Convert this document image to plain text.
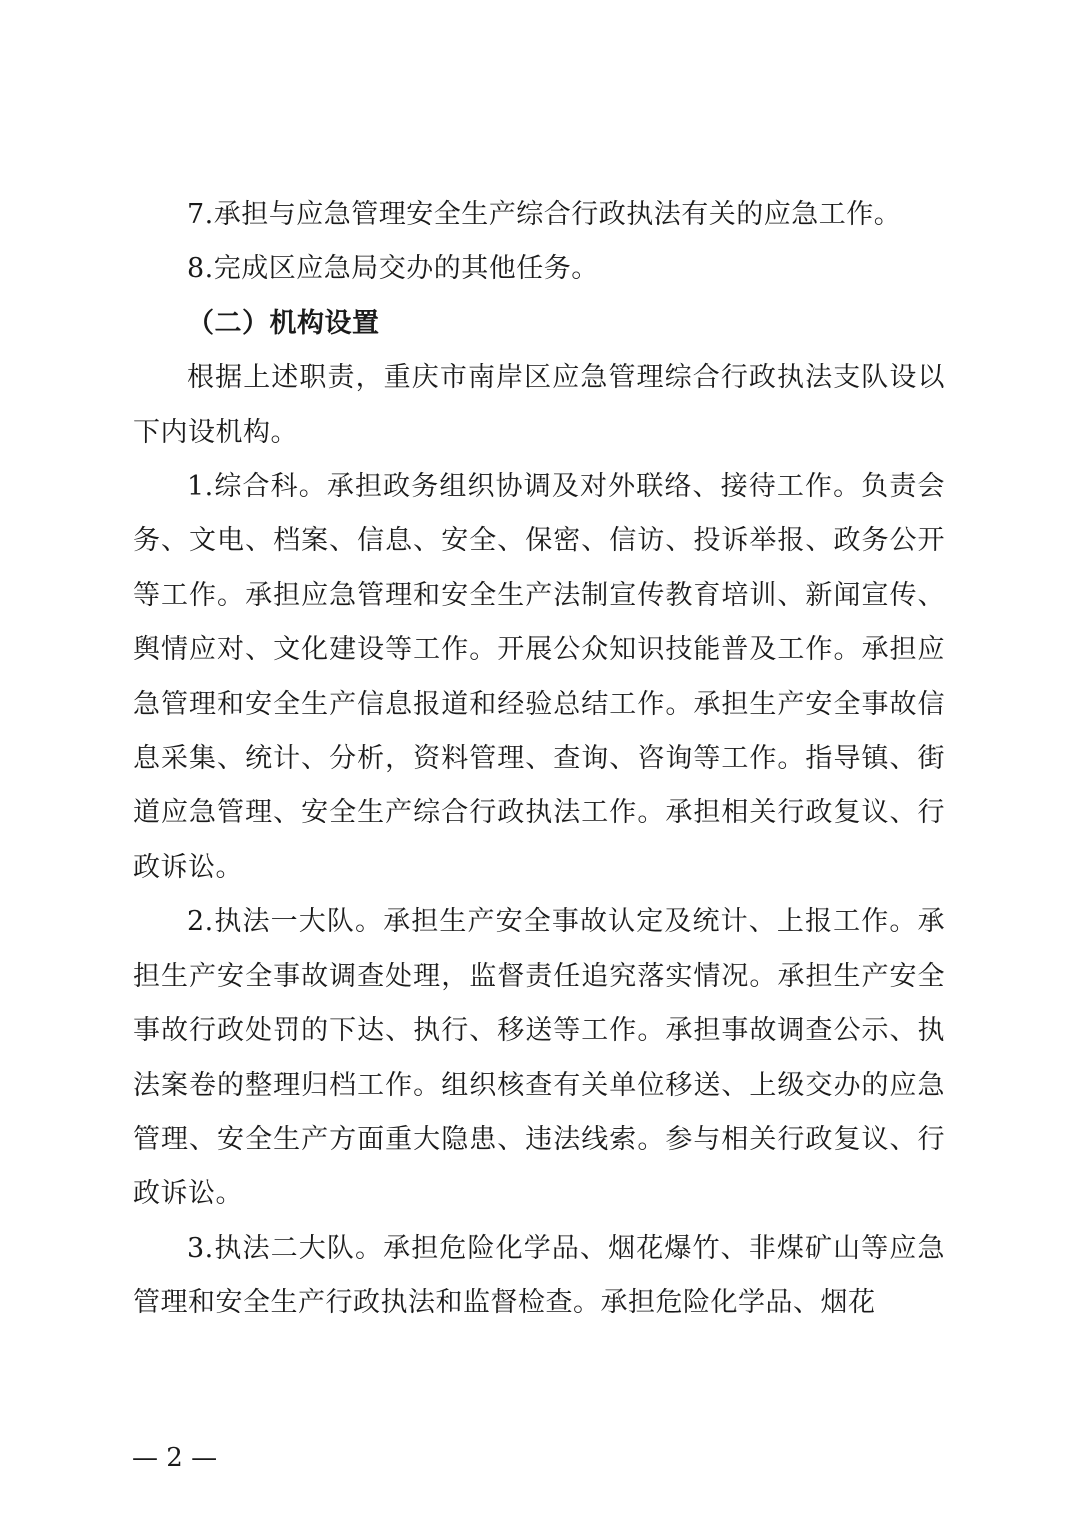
7.承担与应急管理安全生产综合行政执法有关的应急工作。

8.完成区应急局交办的其他任务。

（二）机构设置

根据上述职责，重庆市南岸区应急管理综合行政执法支队设以下内设机构。

1.综合科。承担政务组织协调及对外联络、接待工作。负责会务、文电、档案、信息、安全、保密、信访、投诉举报、政务公开等工作。承担应急管理和安全生产法制宣传教育培训、新闻宣传、舆情应对、文化建设等工作。开展公众知识技能普及工作。承担应急管理和安全生产信息报道和经验总结工作。承担生产安全事故信息采集、统计、分析，资料管理、查询、咨询等工作。指导镇、街道应急管理、安全生产综合行政执法工作。承担相关行政复议、行政诉讼。

2.执法一大队。承担生产安全事故认定及统计、上报工作。承担生产安全事故调查处理，监督责任追究落实情况。承担生产安全事故行政处罚的下达、执行、移送等工作。承担事故调查公示、执法案卷的整理归档工作。组织核查有关单位移送、上级交办的应急管理、安全生产方面重大隐患、违法线索。参与相关行政复议、行政诉讼。

3.执法二大队。承担危险化学品、烟花爆竹、非煤矿山等应急管理和安全生产行政执法和监督检查。承担危险化学品、烟花

— 2 —
